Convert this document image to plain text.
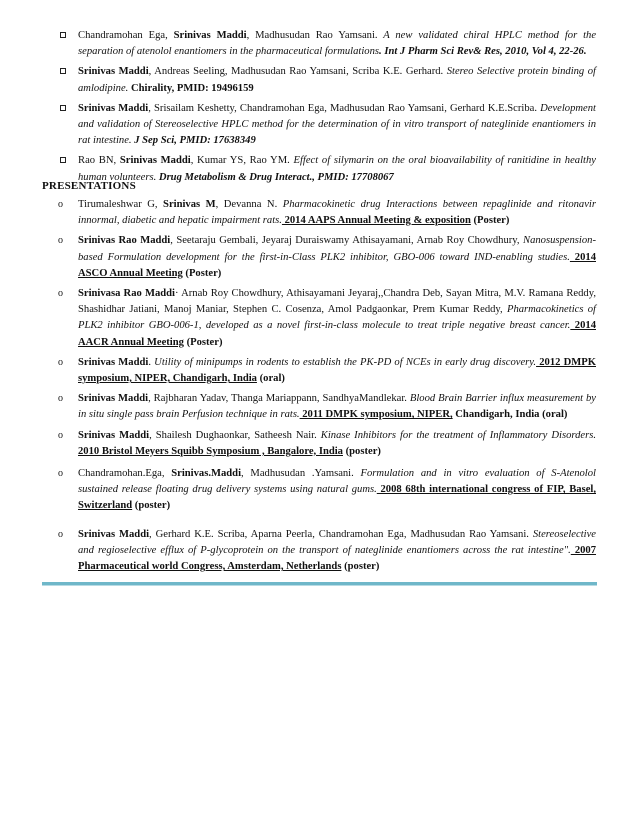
Chandramohan Ega, Srinivas Maddi, Madhusudan Rao Yamsani. A new validated chiral HPLC method for the separation of atenolol enantiomers in the pharmaceutical formulations. Int J Pharm Sci Rev& Res, 2010, Vol 4, 22-26.
Srinivas Maddi, Andreas Seeling, Madhusudan Rao Yamsani, Scriba K.E. Gerhard. Stereo Selective protein binding of amlodipine. Chirality, PMID: 19496159
Srinivas Maddi, Srisailam Keshetty, Chandramohan Ega, Madhusudan Rao Yamsani, Gerhard K.E.Scriba. Development and validation of Stereoselective HPLC method for the determination of in vitro transport of nateglinide enantiomers in rat intestine. J Sep Sci, PMID: 17638349
Rao BN, Srinivas Maddi, Kumar YS, Rao YM. Effect of silymarin on the oral bioavailability of ranitidine in healthy human volunteers. Drug Metabolism & Drug Interact., PMID: 17708067
PRESENTATIONS
o Tirumaleshwar G, Srinivas M, Devanna N. Pharmacokinetic drug Interactions between repaglinide and ritonavir innormal, diabetic and hepatic impairment rats. 2014 AAPS Annual Meeting & exposition (Poster)
o Srinivas Rao Maddi, Seetaraju Gembali, Jeyaraj Duraiswamy Athisayamani, Arnab Roy Chowdhury, Nanosuspension-based Formulation development for the first-in-Class PLK2 inhibitor, GBO-006 toward IND-enabling studies. 2014 ASCO Annual Meeting (Poster)
o Srinivasa Rao Maddi· Arnab Roy Chowdhury, Athisayamani Jeyaraj,,Chandra Deb, Sayan Mitra, M.V. Ramana Reddy, Shashidhar Jatiani, Manoj Maniar, Stephen C. Cosenza, Amol Padgaonkar, Prem Kumar Reddy, Pharmacokinetics of PLK2 inhibitor GBO-006-1, developed as a novel first-in-class molecule to treat triple negative breast cancer. 2014 AACR Annual Meeting (Poster)
o Srinivas Maddi. Utility of minipumps in rodents to establish the PK-PD of NCEs in early drug discovery. 2012 DMPK symposium, NIPER, Chandigarh, India (oral)
o Srinivas Maddi, Rajbharan Yadav, Thanga Mariappann, SandhyaMandlekar. Blood Brain Barrier influx measurement by in situ single pass brain Perfusion technique in rats. 2011 DMPK symposium, NIPER, Chandigarh, India (oral)
o Srinivas Maddi, Shailesh Dughaonkar, Satheesh Nair. Kinase Inhibitors for the treatment of Inflammatory Disorders. 2010 Bristol Meyers Squibb Symposium , Bangalore, India (poster)
o Chandramohan.Ega, Srinivas.Maddi, Madhusudan .Yamsani. Formulation and in vitro evaluation of S-Atenolol sustained release floating drug delivery systems using natural gums. 2008 68th international congress of FIP, Basel, Switzerland (poster)
o Srinivas Maddi, Gerhard K.E. Scriba, Aparna Peerla, Chandramohan Ega, Madhusudan Rao Yamsani. Stereoselective and regioselective efflux of P-glycoprotein on the transport of nateglinide enantiomers across the rat intestine". 2007 Pharmaceutical world Congress, Amsterdam, Netherlands (poster)
